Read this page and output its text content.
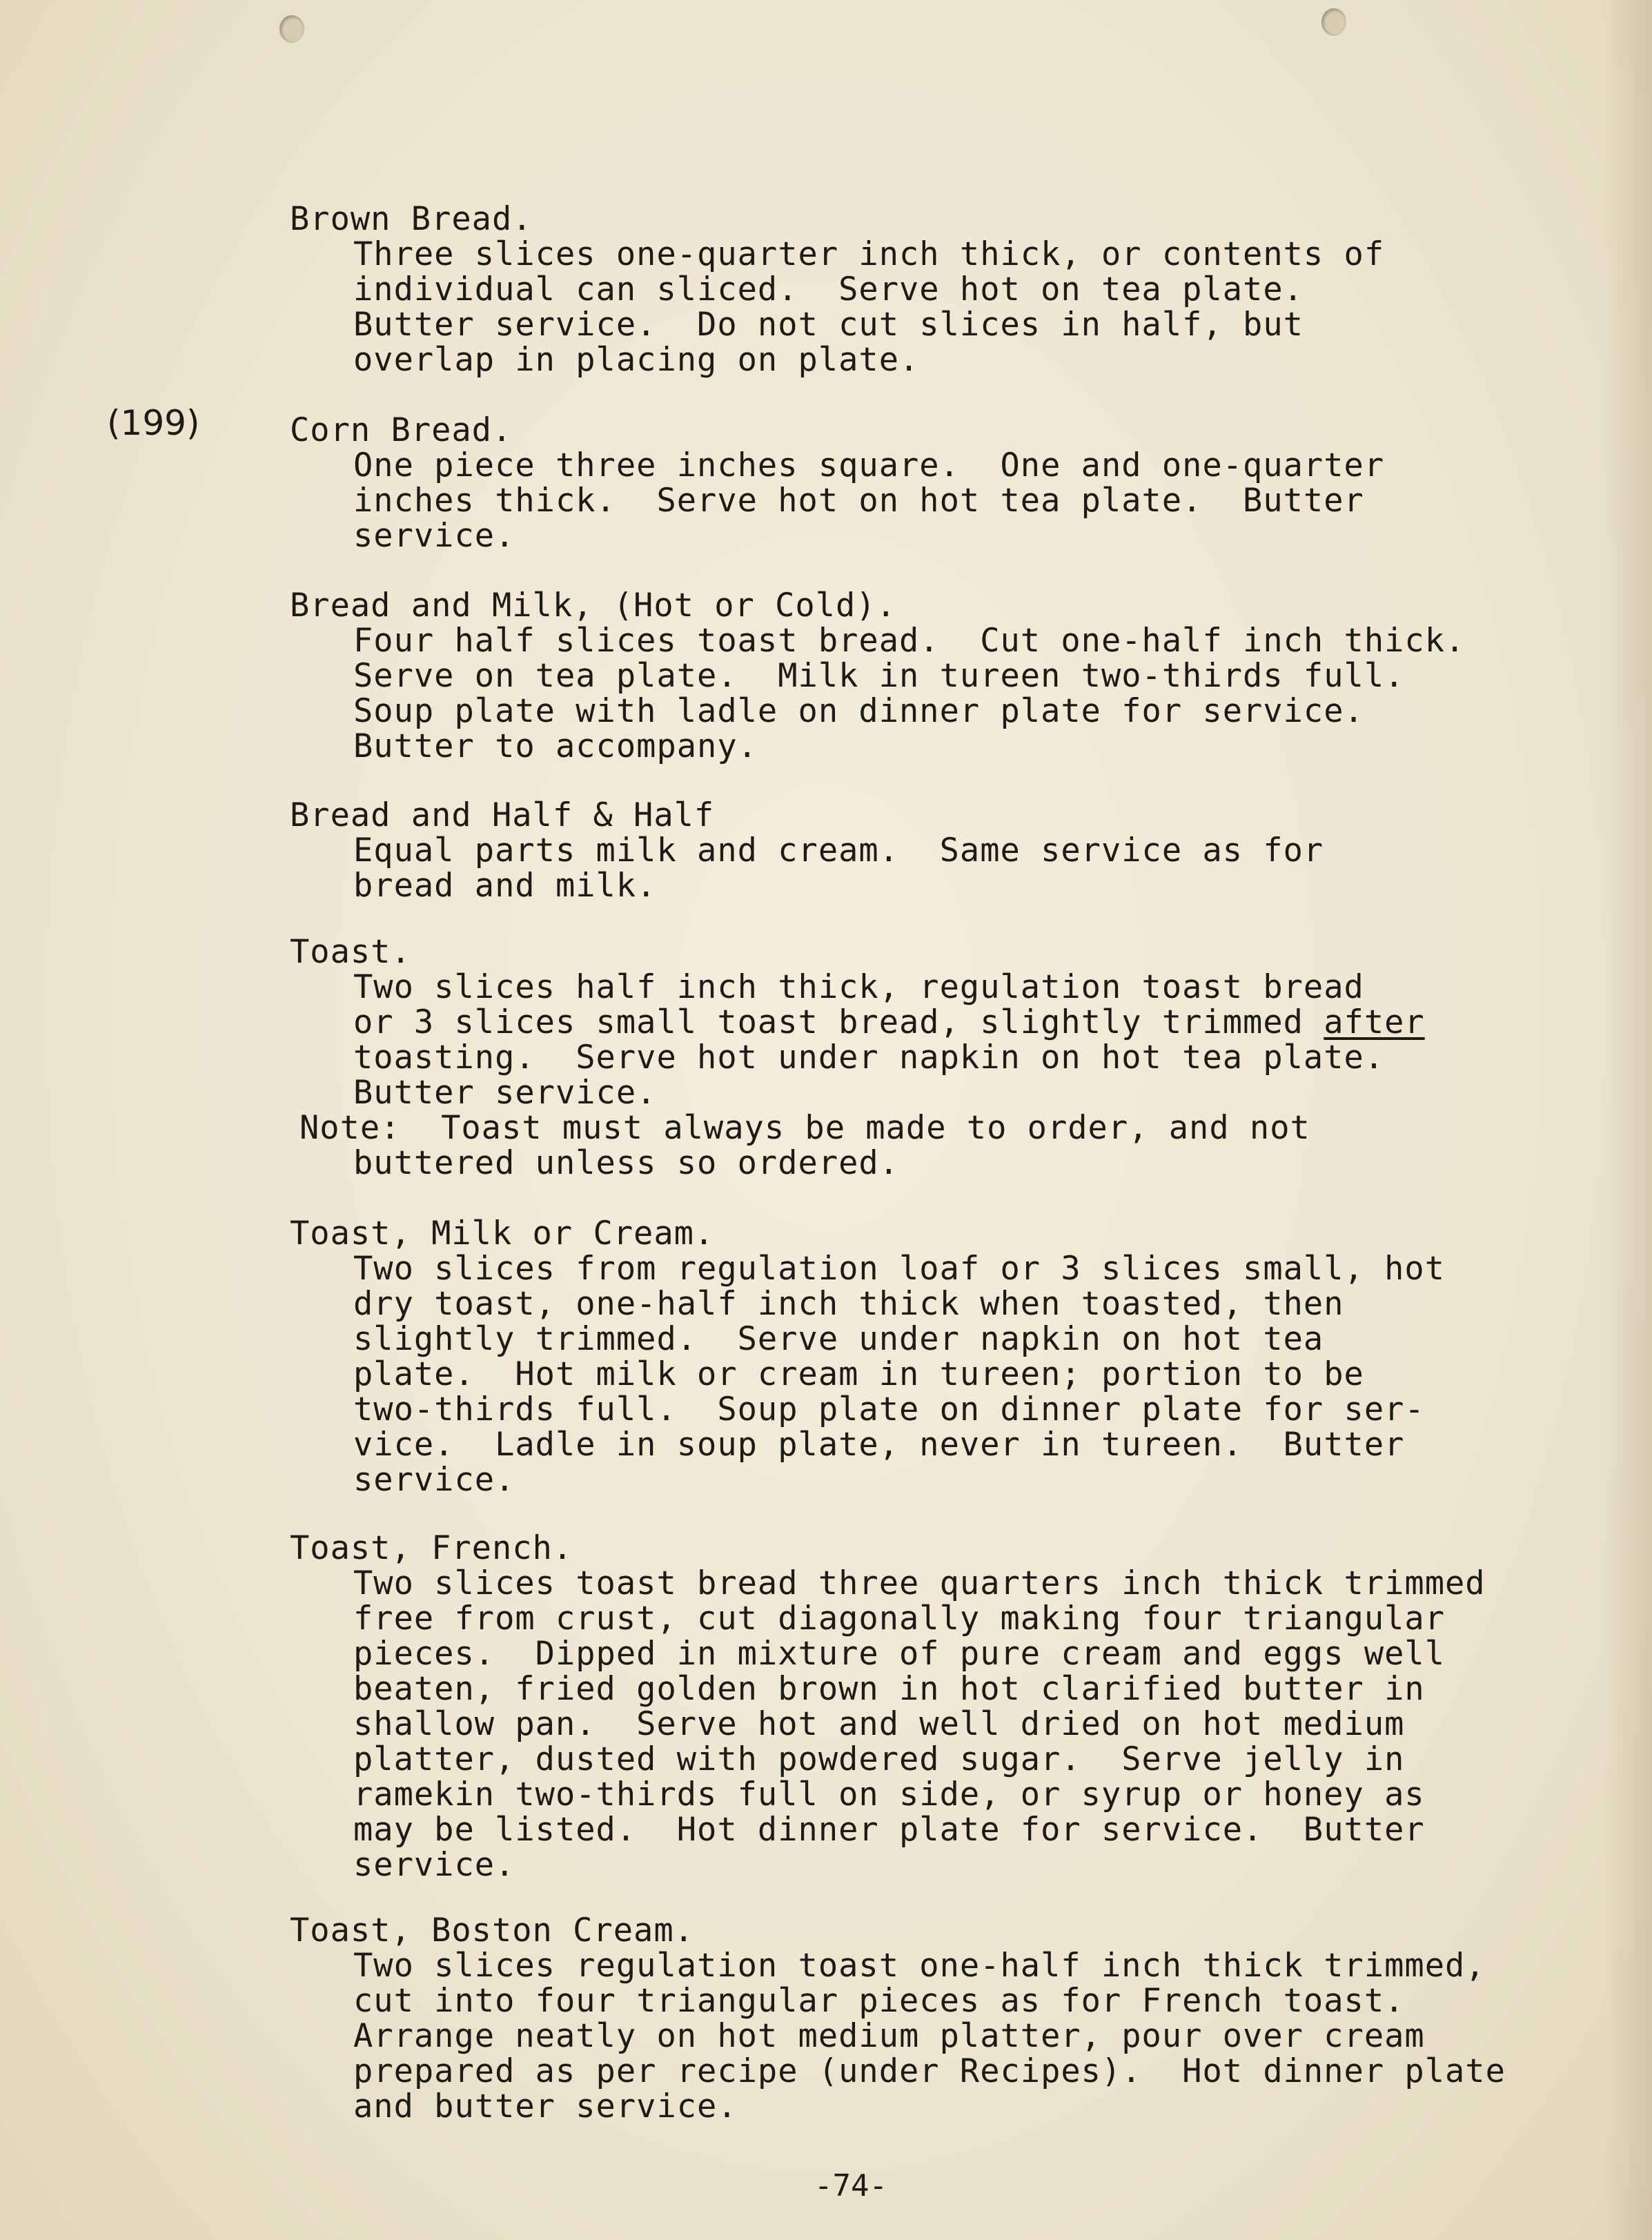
(199)
Brown Bread.
Three slices one-quarter inch thick, or contents of
individual can sliced.  Serve hot on tea plate.
Butter service.  Do not cut slices in half, but
overlap in placing on plate.
Corn Bread.
One piece three inches square.  One and one-quarter
inches thick.  Serve hot on hot tea plate.  Butter
service.
Bread and Milk, (Hot or Cold).
Four half slices toast bread.  Cut one-half inch thick.
Serve on tea plate.  Milk in tureen two-thirds full.
Soup plate with ladle on dinner plate for service.
Butter to accompany.
Bread and Half & Half
Equal parts milk and cream.  Same service as for
bread and milk.
Toast.
Two slices half inch thick, regulation toast bread
or 3 slices small toast bread, slightly trimmed after
toasting.  Serve hot under napkin on hot tea plate.
Butter service.
Note:  Toast must always be made to order, and not
buttered unless so ordered.
Toast, Milk or Cream.
Two slices from regulation loaf or 3 slices small, hot
dry toast, one-half inch thick when toasted, then
slightly trimmed.  Serve under napkin on hot tea
plate.  Hot milk or cream in tureen; portion to be
two-thirds full.  Soup plate on dinner plate for ser-
vice.  Ladle in soup plate, never in tureen.  Butter
service.
Toast, French.
Two slices toast bread three quarters inch thick trimmed
free from crust, cut diagonally making four triangular
pieces.  Dipped in mixture of pure cream and eggs well
beaten, fried golden brown in hot clarified butter in
shallow pan.  Serve hot and well dried on hot medium
platter, dusted with powdered sugar.  Serve jelly in
ramekin two-thirds full on side, or syrup or honey as
may be listed.  Hot dinner plate for service.  Butter
service.
Toast, Boston Cream.
Two slices regulation toast one-half inch thick trimmed,
cut into four triangular pieces as for French toast.
Arrange neatly on hot medium platter, pour over cream
prepared as per recipe (under Recipes).  Hot dinner plate
and butter service.
-74-
